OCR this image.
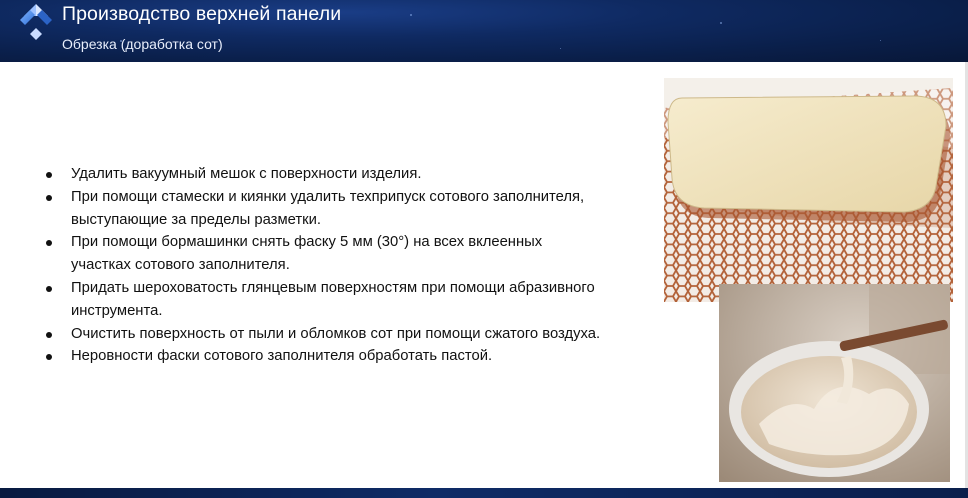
Производство верхней панели
Обрезка (доработка сот)
Удалить вакуумный мешок с поверхности изделия.
При помощи стамески и киянки удалить техприпуск сотового заполнителя, выступающие за пределы разметки.
При помощи бормашинки снять фаску 5 мм (30°) на всех вклеенных участках сотового заполнителя.
Придать шероховатость глянцевым поверхностям при помощи абразивного инструмента.
Очистить поверхность от пыли и обломков сот при помощи сжатого воздуха.
Неровности фаски сотового заполнителя обработать пастой.
